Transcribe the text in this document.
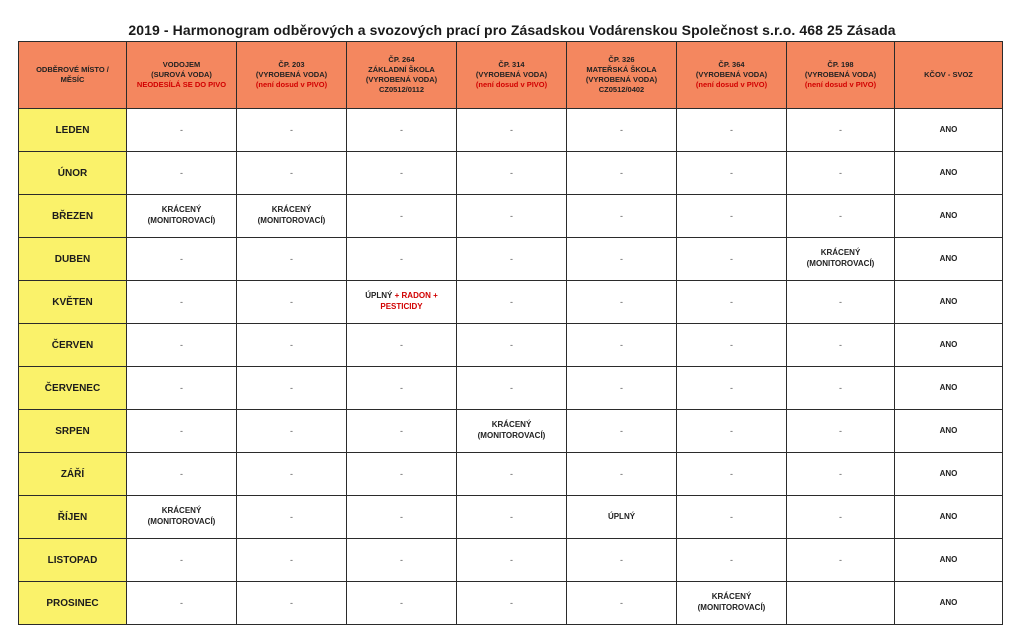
2019 - Harmonogram odběrových a svozových prací pro Zásadskou Vodárenskou Společnost s.r.o. 468 25 Zásada
ODBĚROVÉ MÍSTO /
MĚSÍC	VODOJEM
(SUROVÁ VODA)
NEODESÍLÁ SE DO PIVO	ČP. 203
(VYROBENÁ VODA)
(není dosud v PIVO)	ČP. 264
ZÁKLADNÍ ŠKOLA
(VYROBENÁ VODA)
CZ0512/0112	ČP. 314
(VYROBENÁ VODA)
(není dosud v PIVO)	ČP. 326
MATEŘSKÁ ŠKOLA
(VYROBENÁ VODA)
CZ0512/0402	ČP. 364
(VYROBENÁ VODA)
(není dosud v PIVO)	ČP. 198
(VYROBENÁ VODA)
(není dosud v PIVO)	KČOV - SVOZ

LEDEN	-	-	-	-	-	-	-	ANO

ÚNOR	-	-	-	-	-	-	-	ANO

BŘEZEN	KRÁCENÝ
(MONITOROVACÍ)	KRÁCENÝ
(MONITOROVACÍ)	-	-	-	-	-	ANO

DUBEN	-	-	-	-	-	-	KRÁCENÝ
(MONITOROVACÍ)	ANO

KVĚTEN	-	-	ÚPLNÝ + RADON +
PESTICIDY	-	-	-	-	ANO

ČERVEN	-	-	-	-	-	-	-	ANO

ČERVENEC	-	-	-	-	-	-	-	ANO

SRPEN	-	-	-	KRÁCENÝ
(MONITOROVACÍ)	-	-	-	ANO

ZÁŘÍ	-	-	-	-	-	-	-	ANO

ŘÍJEN	KRÁCENÝ
(MONITOROVACÍ)	-	-	-	ÚPLNÝ	-	-	ANO

LISTOPAD	-	-	-	-	-	-	-	ANO

PROSINEC	-	-	-	-	-	KRÁCENÝ
(MONITOROVACÍ)		ANO
